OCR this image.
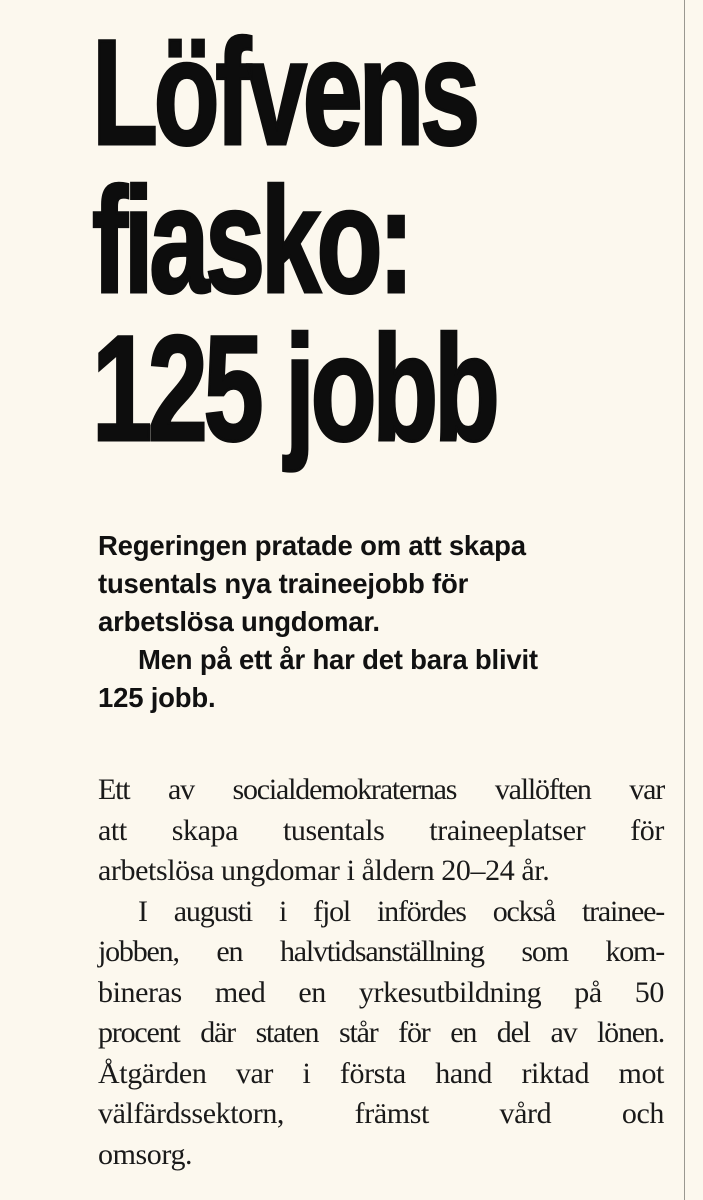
Löfvens
fiasko:
125 jobb
Regeringen pratade om att skapa
tusentals nya traineejobb för
arbetslösa ungdomar.
Men på ett år har det bara blivit
125 jobb.
Ett av socialdemokraternas vallöften var
att skapa tusentals traineeplatser för
arbetslösa ungdomar i åldern 20–24 år.
I augusti i fjol infördes också trainee-
jobben, en halvtidsanställning som kom-
bineras med en yrkesutbildning på 50
procent där staten står för en del av lönen.
Åtgärden var i första hand riktad mot
välfärdssektorn, främst vård och
omsorg.
